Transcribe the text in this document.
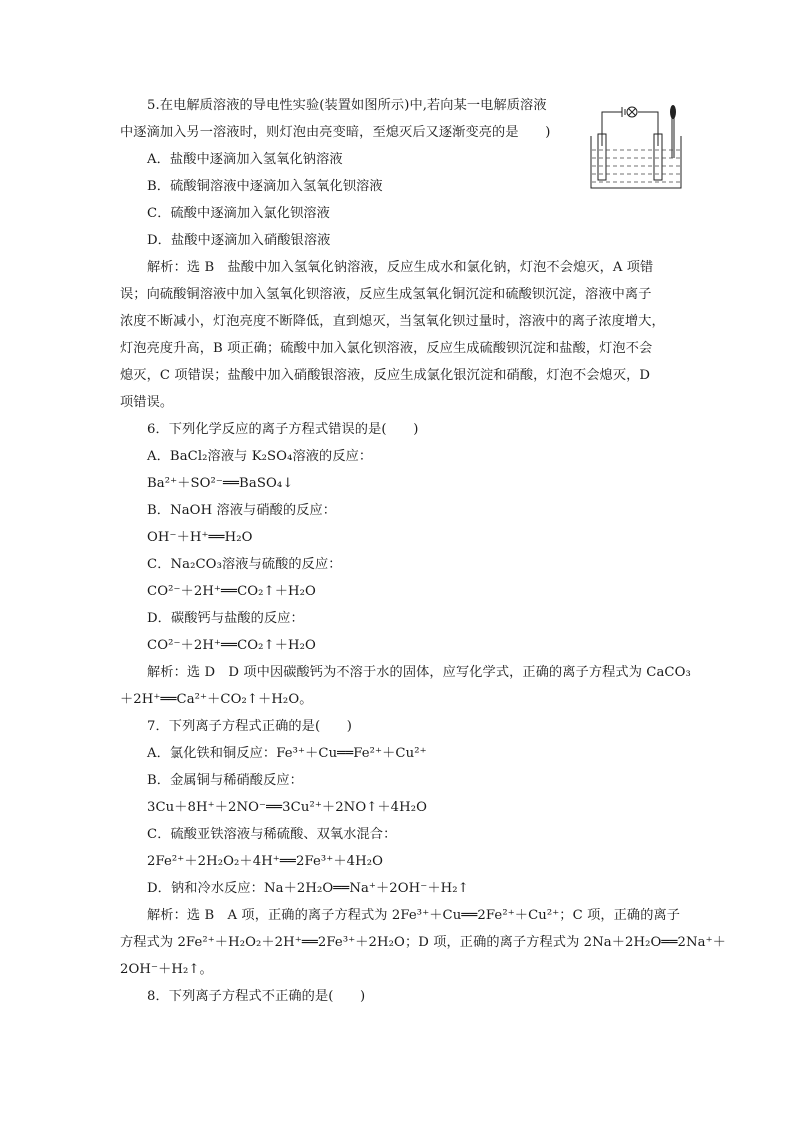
5.在电解质溶液的导电性实验(装置如图所示)中,若向某一电解质溶液
中逐滴加入另一溶液时，则灯泡由亮变暗，至熄灭后又逐渐变亮的是　　)
A．盐酸中逐滴加入氢氧化钠溶液
B．硫酸铜溶液中逐滴加入氢氧化钡溶液
C．硫酸中逐滴加入氯化钡溶液
D．盐酸中逐滴加入硝酸银溶液
解析：选 B　盐酸中加入氢氧化钠溶液，反应生成水和氯化钠，灯泡不会熄灭，A 项错
误；向硫酸铜溶液中加入氢氧化钡溶液，反应生成氢氧化铜沉淀和硫酸钡沉淀，溶液中离子
浓度不断减小，灯泡亮度不断降低，直到熄灭，当氢氧化钡过量时，溶液中的离子浓度增大，
灯泡亮度升高，B 项正确；硫酸中加入氯化钡溶液，反应生成硫酸钡沉淀和盐酸，灯泡不会
熄灭，C 项错误；盐酸中加入硝酸银溶液，反应生成氯化银沉淀和硝酸，灯泡不会熄灭，D
项错误。
6．下列化学反应的离子方程式错误的是(　　)
A．BaCl₂溶液与 K₂SO₄溶液的反应：
Ba²⁺＋SO²⁻══BaSO₄↓
B．NaOH 溶液与硝酸的反应：
OH⁻＋H⁺══H₂O
C．Na₂CO₃溶液与硫酸的反应：
CO²⁻＋2H⁺══CO₂↑＋H₂O
D．碳酸钙与盐酸的反应：
CO²⁻＋2H⁺══CO₂↑＋H₂O
解析：选 D　D 项中因碳酸钙为不溶于水的固体，应写化学式，正确的离子方程式为 CaCO₃
＋2H⁺══Ca²⁺＋CO₂↑＋H₂O。
7．下列离子方程式正确的是(　　)
A．氯化铁和铜反应：Fe³⁺＋Cu══Fe²⁺＋Cu²⁺
B．金属铜与稀硝酸反应：
3Cu＋8H⁺＋2NO⁻══3Cu²⁺＋2NO↑＋4H₂O
C．硫酸亚铁溶液与稀硫酸、双氧水混合：
2Fe²⁺＋2H₂O₂＋4H⁺══2Fe³⁺＋4H₂O
D．钠和冷水反应：Na＋2H₂O══Na⁺＋2OH⁻＋H₂↑
解析：选 B　A 项，正确的离子方程式为 2Fe³⁺＋Cu══2Fe²⁺＋Cu²⁺；C 项，正确的离子
方程式为 2Fe²⁺＋H₂O₂＋2H⁺══2Fe³⁺＋2H₂O；D 项，正确的离子方程式为 2Na＋2H₂O══2Na⁺＋
2OH⁻＋H₂↑。
8．下列离子方程式不正确的是(　　)
